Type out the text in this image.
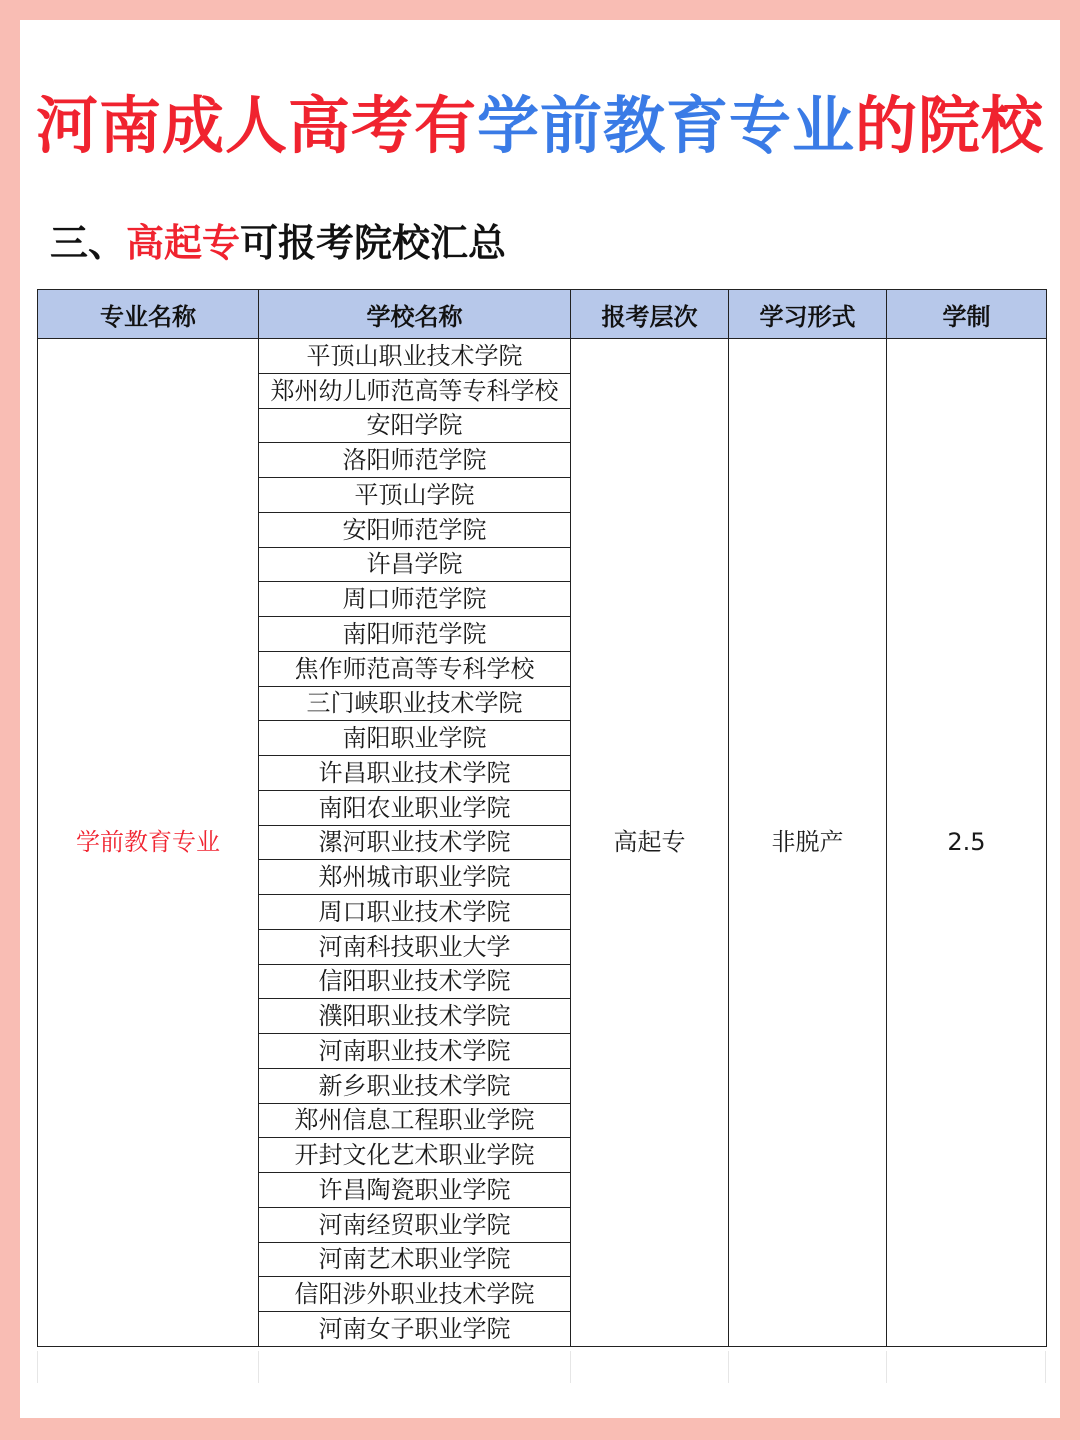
河南成人高考有学前教育专业的院校
三、高起专可报考院校汇总
专业名称	学校名称	报考层次	学习形式	学制
学前教育专业	平顶山职业技术学院	高起专	非脱产	2.5
	郑州幼儿师范高等专科学校			
	安阳学院			
	洛阳师范学院			
	平顶山学院			
	安阳师范学院			
	许昌学院			
	周口师范学院			
	南阳师范学院			
	焦作师范高等专科学校			
	三门峡职业技术学院			
	南阳职业学院			
	许昌职业技术学院			
	南阳农业职业学院			
	漯河职业技术学院			
	郑州城市职业学院			
	周口职业技术学院			
	河南科技职业大学			
	信阳职业技术学院			
	濮阳职业技术学院			
	河南职业技术学院			
	新乡职业技术学院			
	郑州信息工程职业学院			
	开封文化艺术职业学院			
	许昌陶瓷职业学院			
	河南经贸职业学院			
	河南艺术职业学院			
	信阳涉外职业技术学院			
	河南女子职业学院			
